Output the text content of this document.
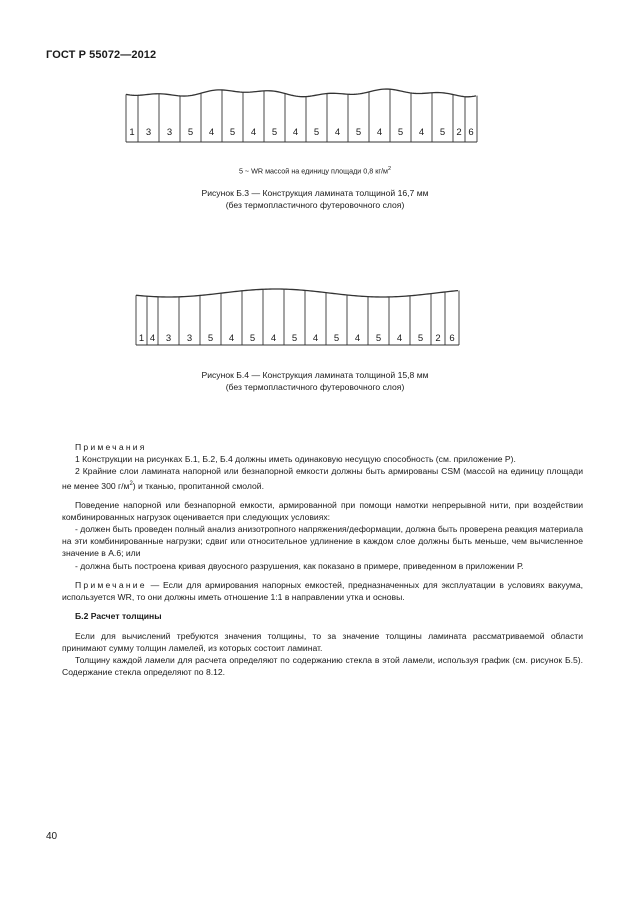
ГОСТ Р 55072—2012
1 3 3 5 4 5 4 5 4 5 4 5 4 5 4 5 2 6
5 ~ WR массой на единицу площади 0,8 $кг/м^2$
Рисунок Б.3 — Конструкция ламината толщиной 16,7 мм
(без термопластичного футеровочного слоя)
1 4 3 3 5 4 5 4 5 4 5 4 5 4 5 2 6
Рисунок Б.4 — Конструкция ламината толщиной 15,8 мм
(без термопластичного футеровочного слоя)

Примечания

1 Конструкции на рисунках Б.1, Б.2, Б.4 должны иметь одинаковую несущую способность (см. приложение Р).

2 Крайние слои ламината напорной или безнапорной емкости должны быть армированы CSM (массой на единицу площади не менее 300 $г/м^2$) и тканью, пропитанной смолой.

Поведение напорной или безнапорной емкости, армированной при помощи намотки непрерывной нити, при воздействии комбинированных нагрузок оценивается при следующих условиях:

- должен быть проведен полный анализ анизотропного напряжения/деформации, должна быть проверена реакция материала на эти комбинированные нагрузки; сдвиг или относительное удлинение в каждом слое должны быть меньше, чем вычисленное значение в А.6; или

- должна быть построена кривая двуосного разрушения, как показано в примере, приведенном в приложении Р.

Примечание — Если для армирования напорных емкостей, предназначенных для эксплуатации в условиях вакуума, используется WR, то они должны иметь отношение 1:1 в направлении утка и основы.

Б.2 Расчет толщины

Если для вычислений требуются значения толщины, то за значение толщины ламината рассматриваемой области принимают сумму толщин ламелей, из которых состоит ламинат.

Толщину каждой ламели для расчета определяют по содержанию стекла в этой ламели, используя график (см. рисунок Б.5). Содержание стекла определяют по 8.12.

40
